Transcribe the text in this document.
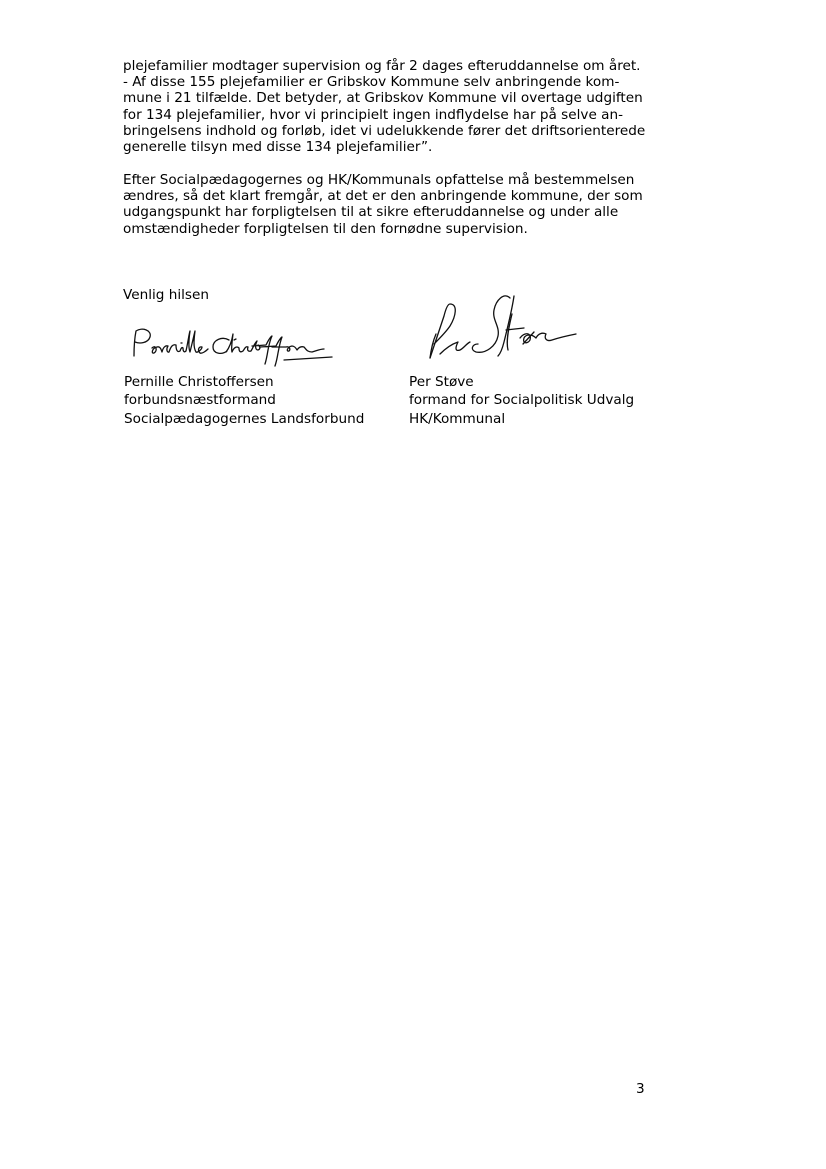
plejefamilier modtager supervision og får 2 dages efteruddannelse om året.
- Af disse 155 plejefamilier er Gribskov Kommune selv anbringende kom-
mune i 21 tilfælde. Det betyder, at Gribskov Kommune vil overtage udgiften
for 134 plejefamilier, hvor vi principielt ingen indflydelse har på selve an-
bringelsens indhold og forløb, idet vi udelukkende fører det driftsorienterede
generelle tilsyn med disse 134 plejefamilier”.
Efter Socialpædagogernes og HK/Kommunals opfattelse må bestemmelsen
ændres, så det klart fremgår, at det er den anbringende kommune, der som
udgangspunkt har forpligtelsen til at sikre efteruddannelse og under alle
omstændigheder forpligtelsen til den fornødne supervision.
Venlig hilsen
Pernille Christoffersen
forbundsnæstformand
Socialpædagogernes Landsforbund
Per Støve
formand for Socialpolitisk Udvalg
HK/Kommunal
3
